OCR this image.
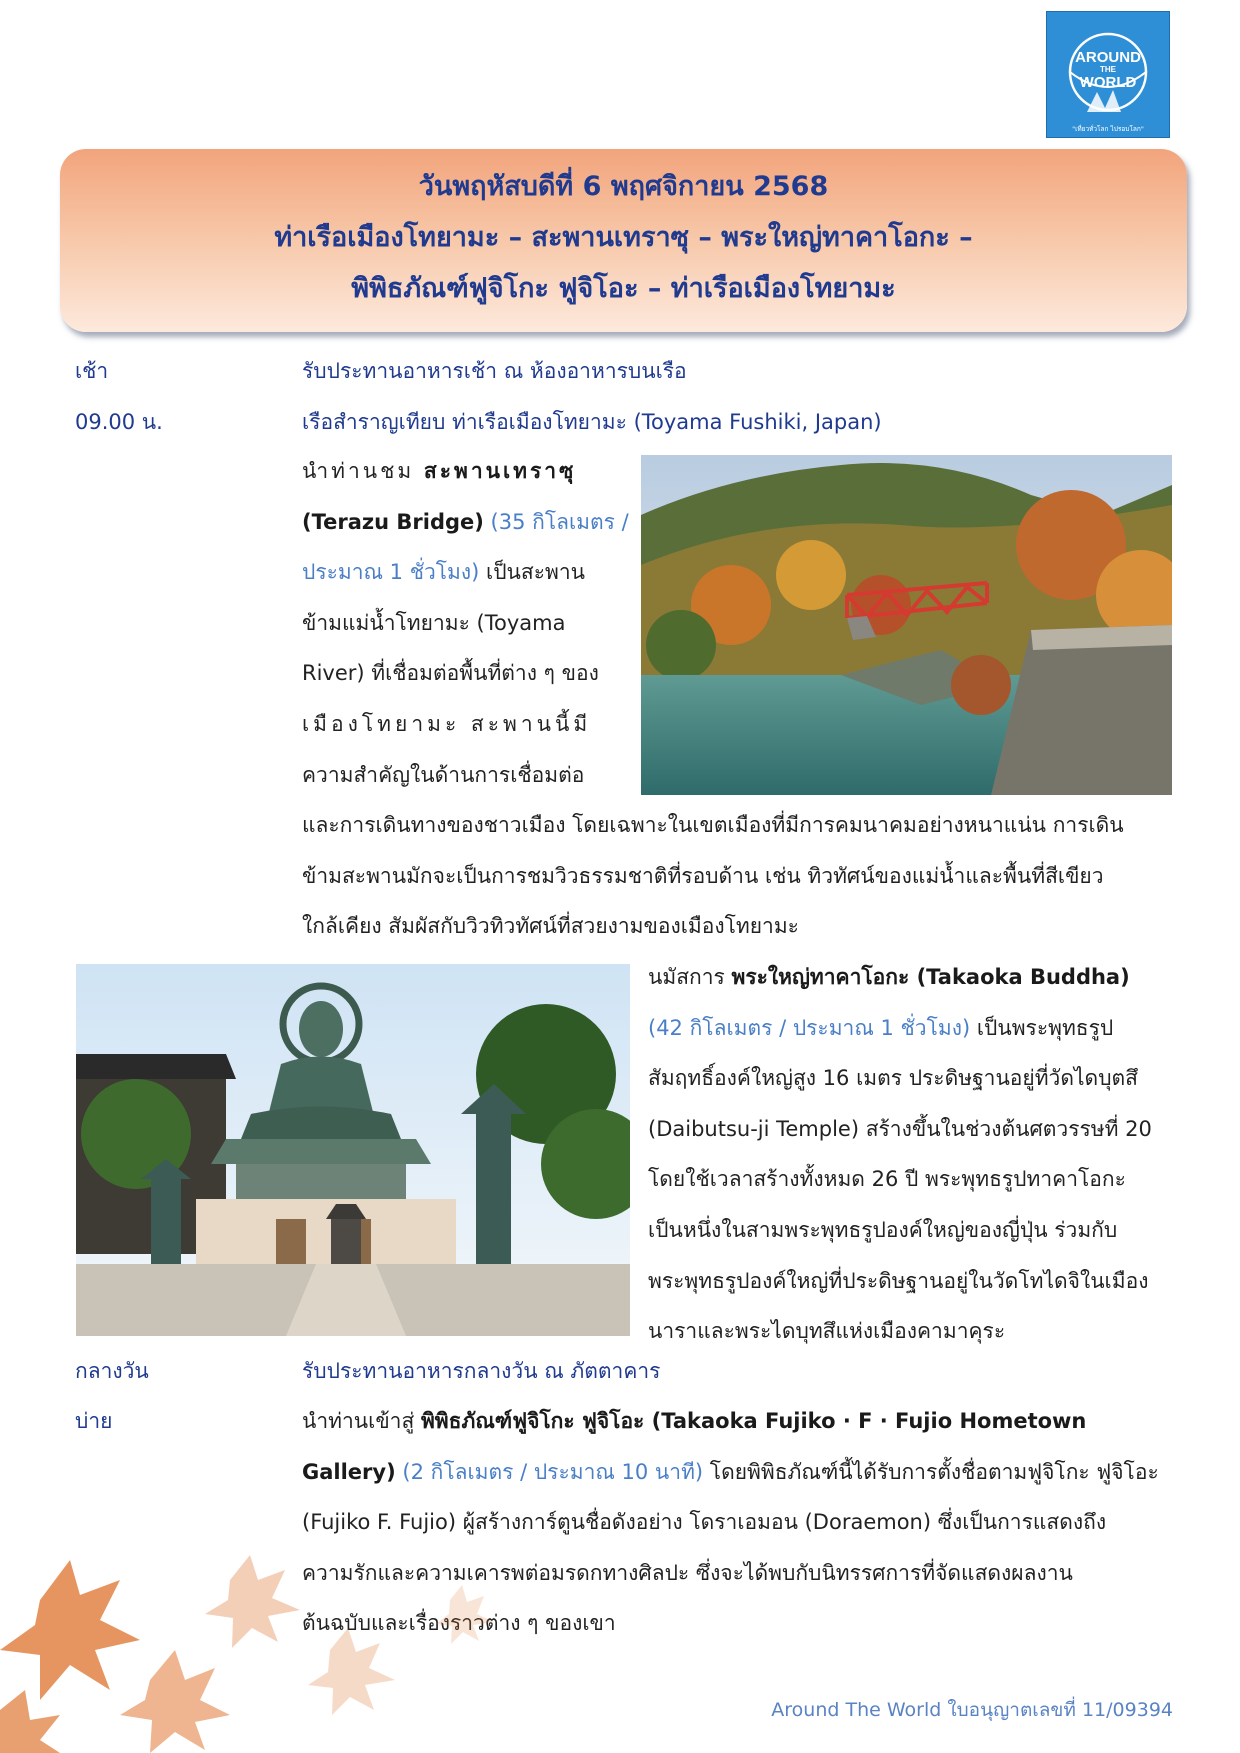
AROUND
THE
WORLD
"เที่ยวทั่วโลก ไปรอบโลก"
วันพฤหัสบดีที่ 6 พฤศจิกายน 2568
ท่าเรือเมืองโทยามะ – สะพานเทราซุ – พระใหญ่ทาคาโอกะ –
พิพิธภัณฑ์ฟูจิโกะ ฟูจิโอะ – ท่าเรือเมืองโทยามะ
เช้า	รับประทานอาหารเช้า ณ ห้องอาหารบนเรือ
09.00 น.	เรือสำราญเทียบ ท่าเรือเมืองโทยามะ (Toyama Fushiki, Japan)
นำท่านชม สะพานเทราซุ
(Terazu Bridge) (35 กิโลเมตร /
ประมาณ 1 ชั่วโมง) เป็นสะพาน
ข้ามแม่น้ำโทยามะ (Toyama
River) ที่เชื่อมต่อพื้นที่ต่าง ๆ ของ
เมืองโทยามะ สะพานนี้มี
ความสำคัญในด้านการเชื่อมต่อ
และการเดินทางของชาวเมือง โดยเฉพาะในเขตเมืองที่มีการคมนาคมอย่างหนาแน่น การเดิน
ข้ามสะพานมักจะเป็นการชมวิวธรรมชาติที่รอบด้าน เช่น ทิวทัศน์ของแม่น้ำและพื้นที่สีเขียว
ใกล้เคียง สัมผัสกับวิวทิวทัศน์ที่สวยงามของเมืองโทยามะ
นมัสการ พระใหญ่ทาคาโอกะ (Takaoka Buddha)
(42 กิโลเมตร / ประมาณ 1 ชั่วโมง) เป็นพระพุทธรูป
สัมฤทธิ์องค์ใหญ่สูง 16 เมตร ประดิษฐานอยู่ที่วัดไดบุตสึ
(Daibutsu-ji Temple) สร้างขึ้นในช่วงต้นศตวรรษที่ 20
โดยใช้เวลาสร้างทั้งหมด 26 ปี พระพุทธรูปทาคาโอกะ
เป็นหนึ่งในสามพระพุทธรูปองค์ใหญ่ของญี่ปุ่น ร่วมกับ
พระพุทธรูปองค์ใหญ่ที่ประดิษฐานอยู่ในวัดโทไดจิในเมือง
นาราและพระไดบุทสึแห่งเมืองคามาคุระ
กลางวัน	รับประทานอาหารกลางวัน ณ ภัตตาคาร
บ่าย	นำท่านเข้าสู่ พิพิธภัณฑ์ฟูจิโกะ ฟูจิโอะ (Takaoka Fujiko · F · Fujio Hometown
Gallery) (2 กิโลเมตร / ประมาณ 10 นาที) โดยพิพิธภัณฑ์นี้ได้รับการตั้งชื่อตามฟูจิโกะ ฟูจิโอะ
(Fujiko F. Fujio) ผู้สร้างการ์ตูนชื่อดังอย่าง โดราเอมอน (Doraemon) ซึ่งเป็นการแสดงถึง
ความรักและความเคารพต่อมรดกทางศิลปะ ซึ่งจะได้พบกับนิทรรศการที่จัดแสดงผลงาน
ต้นฉบับและเรื่องราวต่าง ๆ ของเขา
Around The World ใบอนุญาตเลขที่ 11/09394
